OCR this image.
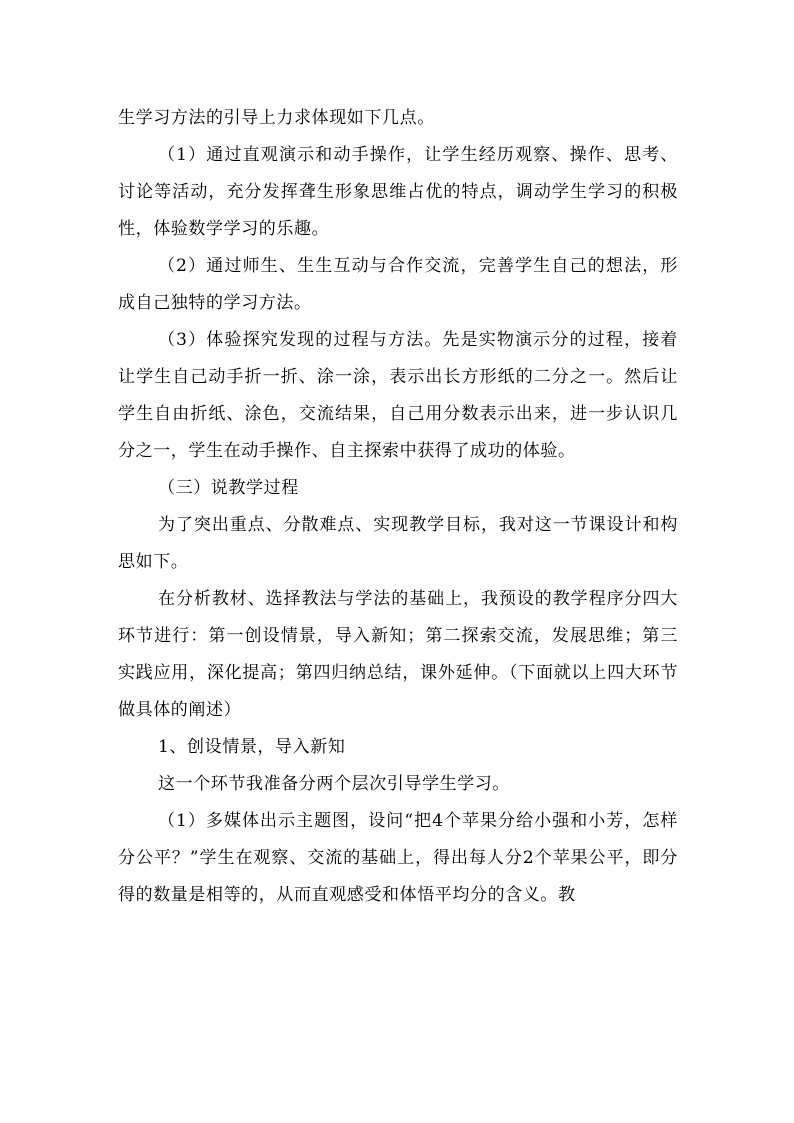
生学习方法的引导上力求体现如下几点。

（1）通过直观演示和动手操作，让学生经历观察、操作、思考、讨论等活动，充分发挥聋生形象思维占优的特点，调动学生学习的积极性，体验数学学习的乐趣。

（2）通过师生、生生互动与合作交流，完善学生自己的想法，形成自己独特的学习方法。

（3）体验探究发现的过程与方法。先是实物演示分的过程，接着让学生自己动手折一折、涂一涂，表示出长方形纸的二分之一。然后让学生自由折纸、涂色，交流结果，自己用分数表示出来，进一步认识几分之一，学生在动手操作、自主探索中获得了成功的体验。

（三）说教学过程

为了突出重点、分散难点、实现教学目标，我对这一节课设计和构思如下。

在分析教材、选择教法与学法的基础上，我预设的教学程序分四大环节进行：第一创设情景，导入新知；第二探索交流，发展思维；第三实践应用，深化提高；第四归纳总结，课外延伸。（下面就以上四大环节做具体的阐述）

1、创设情景，导入新知

这一个环节我准备分两个层次引导学生学习。

（1）多媒体出示主题图，设问“把4个苹果分给小强和小芳，怎样分公平？”学生在观察、交流的基础上，得出每人分2个苹果公平，即分得的数量是相等的，从而直观感受和体悟平均分的含义。教
